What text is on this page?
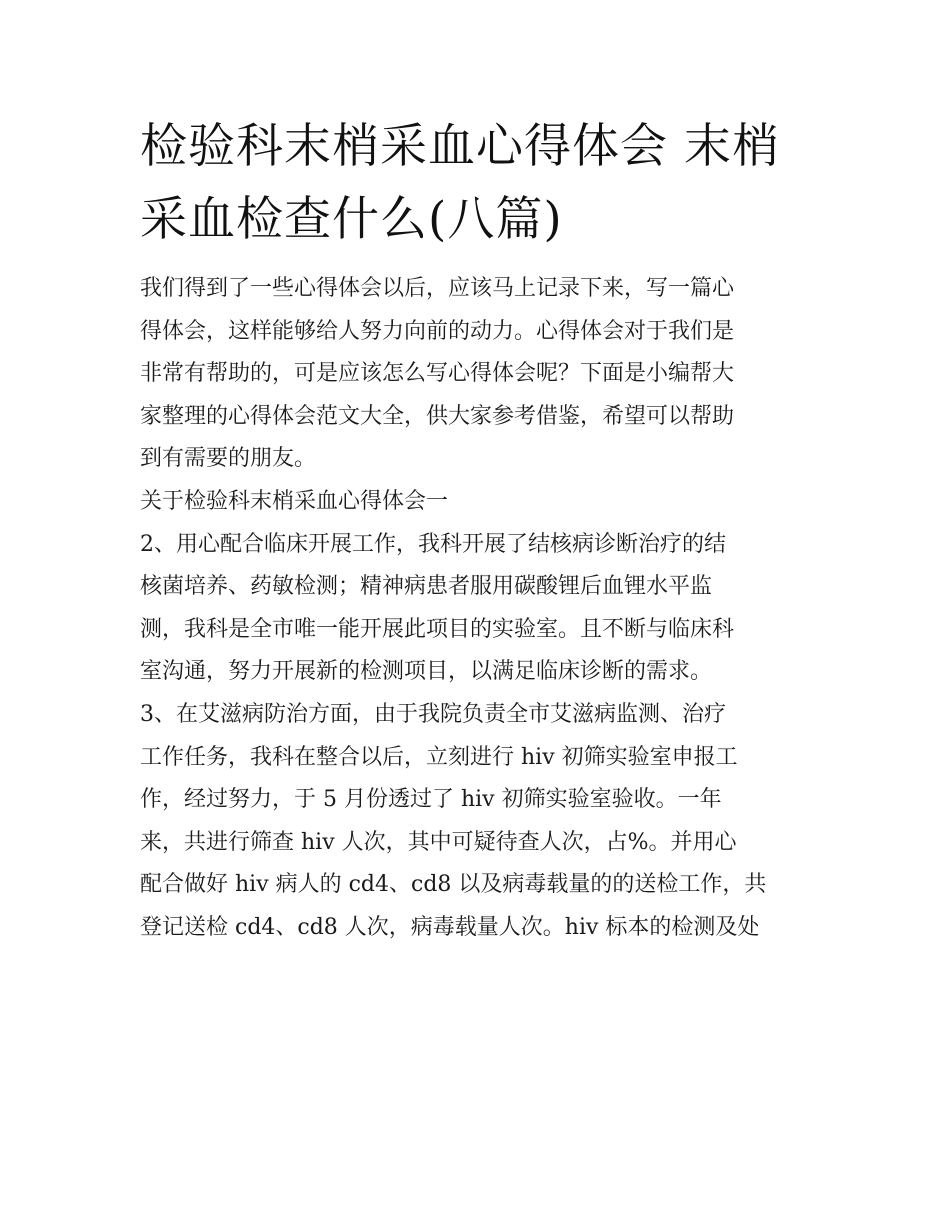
检验科末梢采血心得体会 末梢
采血检查什么(八篇)
我们得到了一些心得体会以后，应该马上记录下来，写一篇心
得体会，这样能够给人努力向前的动力。心得体会对于我们是
非常有帮助的，可是应该怎么写心得体会呢？下面是小编帮大
家整理的心得体会范文大全，供大家参考借鉴，希望可以帮助
到有需要的朋友。
关于检验科末梢采血心得体会一
2、用心配合临床开展工作，我科开展了结核病诊断治疗的结
核菌培养、药敏检测；精神病患者服用碳酸锂后血锂水平监
测，我科是全市唯一能开展此项目的实验室。且不断与临床科
室沟通，努力开展新的检测项目，以满足临床诊断的需求。
3、在艾滋病防治方面，由于我院负责全市艾滋病监测、治疗
工作任务，我科在整合以后，立刻进行 hiv 初筛实验室申报工
作，经过努力，于 5 月份透过了 hiv 初筛实验室验收。一年
来，共进行筛查 hiv 人次，其中可疑待查人次，占%。并用心
配合做好 hiv 病人的 cd4、cd8 以及病毒载量的的送检工作，共
登记送检 cd4、cd8 人次，病毒载量人次。hiv 标本的检测及处
